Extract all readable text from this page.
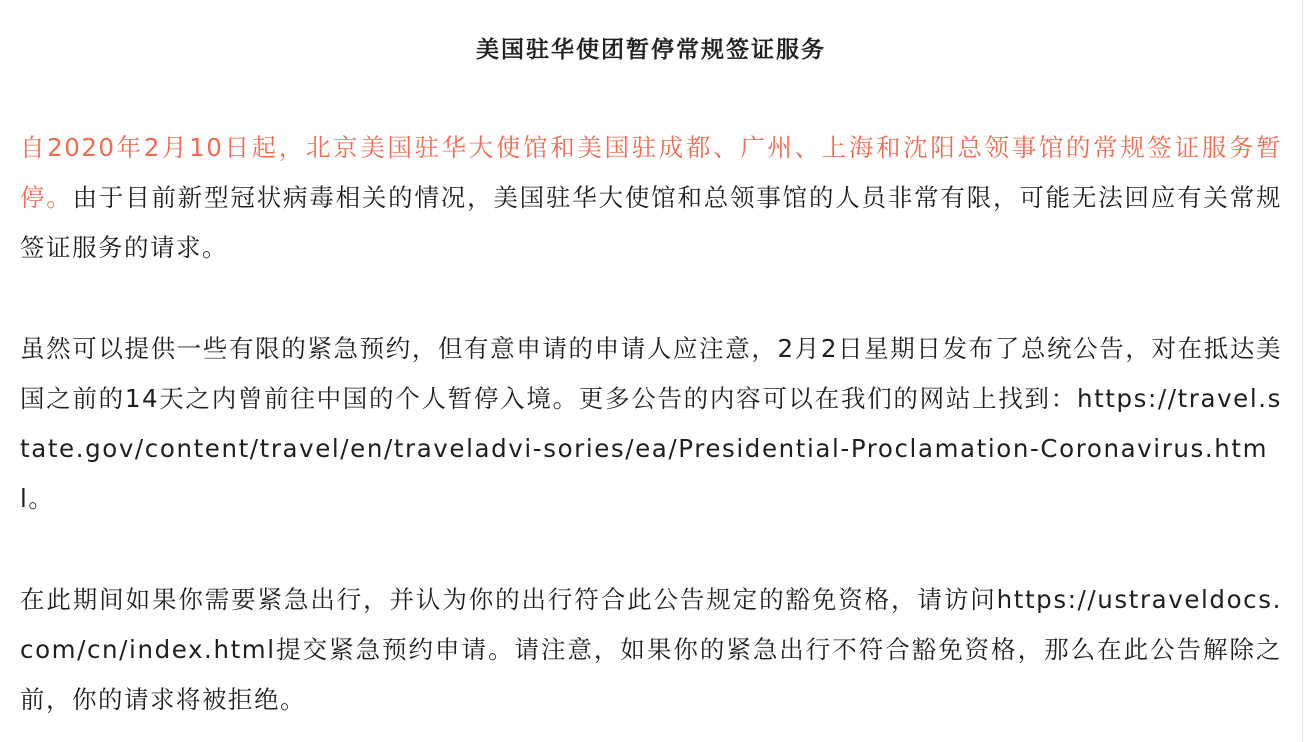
美国驻华使团暂停常规签证服务

自2020年2月10日起，北京美国驻华大使馆和美国驻成都、广州、上海和沈阳总领事馆的常规签证服务暂停。由于目前新型冠状病毒相关的情况，美国驻华大使馆和总领事馆的人员非常有限，可能无法回应有关常规签证服务的请求。

虽然可以提供一些有限的紧急预约，但有意申请的申请人应注意，2月2日星期日发布了总统公告，对在抵达美国之前的14天之内曾前往中国的个人暂停入境。更多公告的内容可以在我们的网站上找到：https://travel.state.gov/content/travel/en/traveladvi-sories/ea/Presidential-Proclamation-Coronavirus.html。

在此期间如果你需要紧急出行，并认为你的出行符合此公告规定的豁免资格，请访问https://ustraveldocs.com/cn/index.html提交紧急预约申请。请注意，如果你的紧急出行不符合豁免资格，那么在此公告解除之前，你的请求将被拒绝。
